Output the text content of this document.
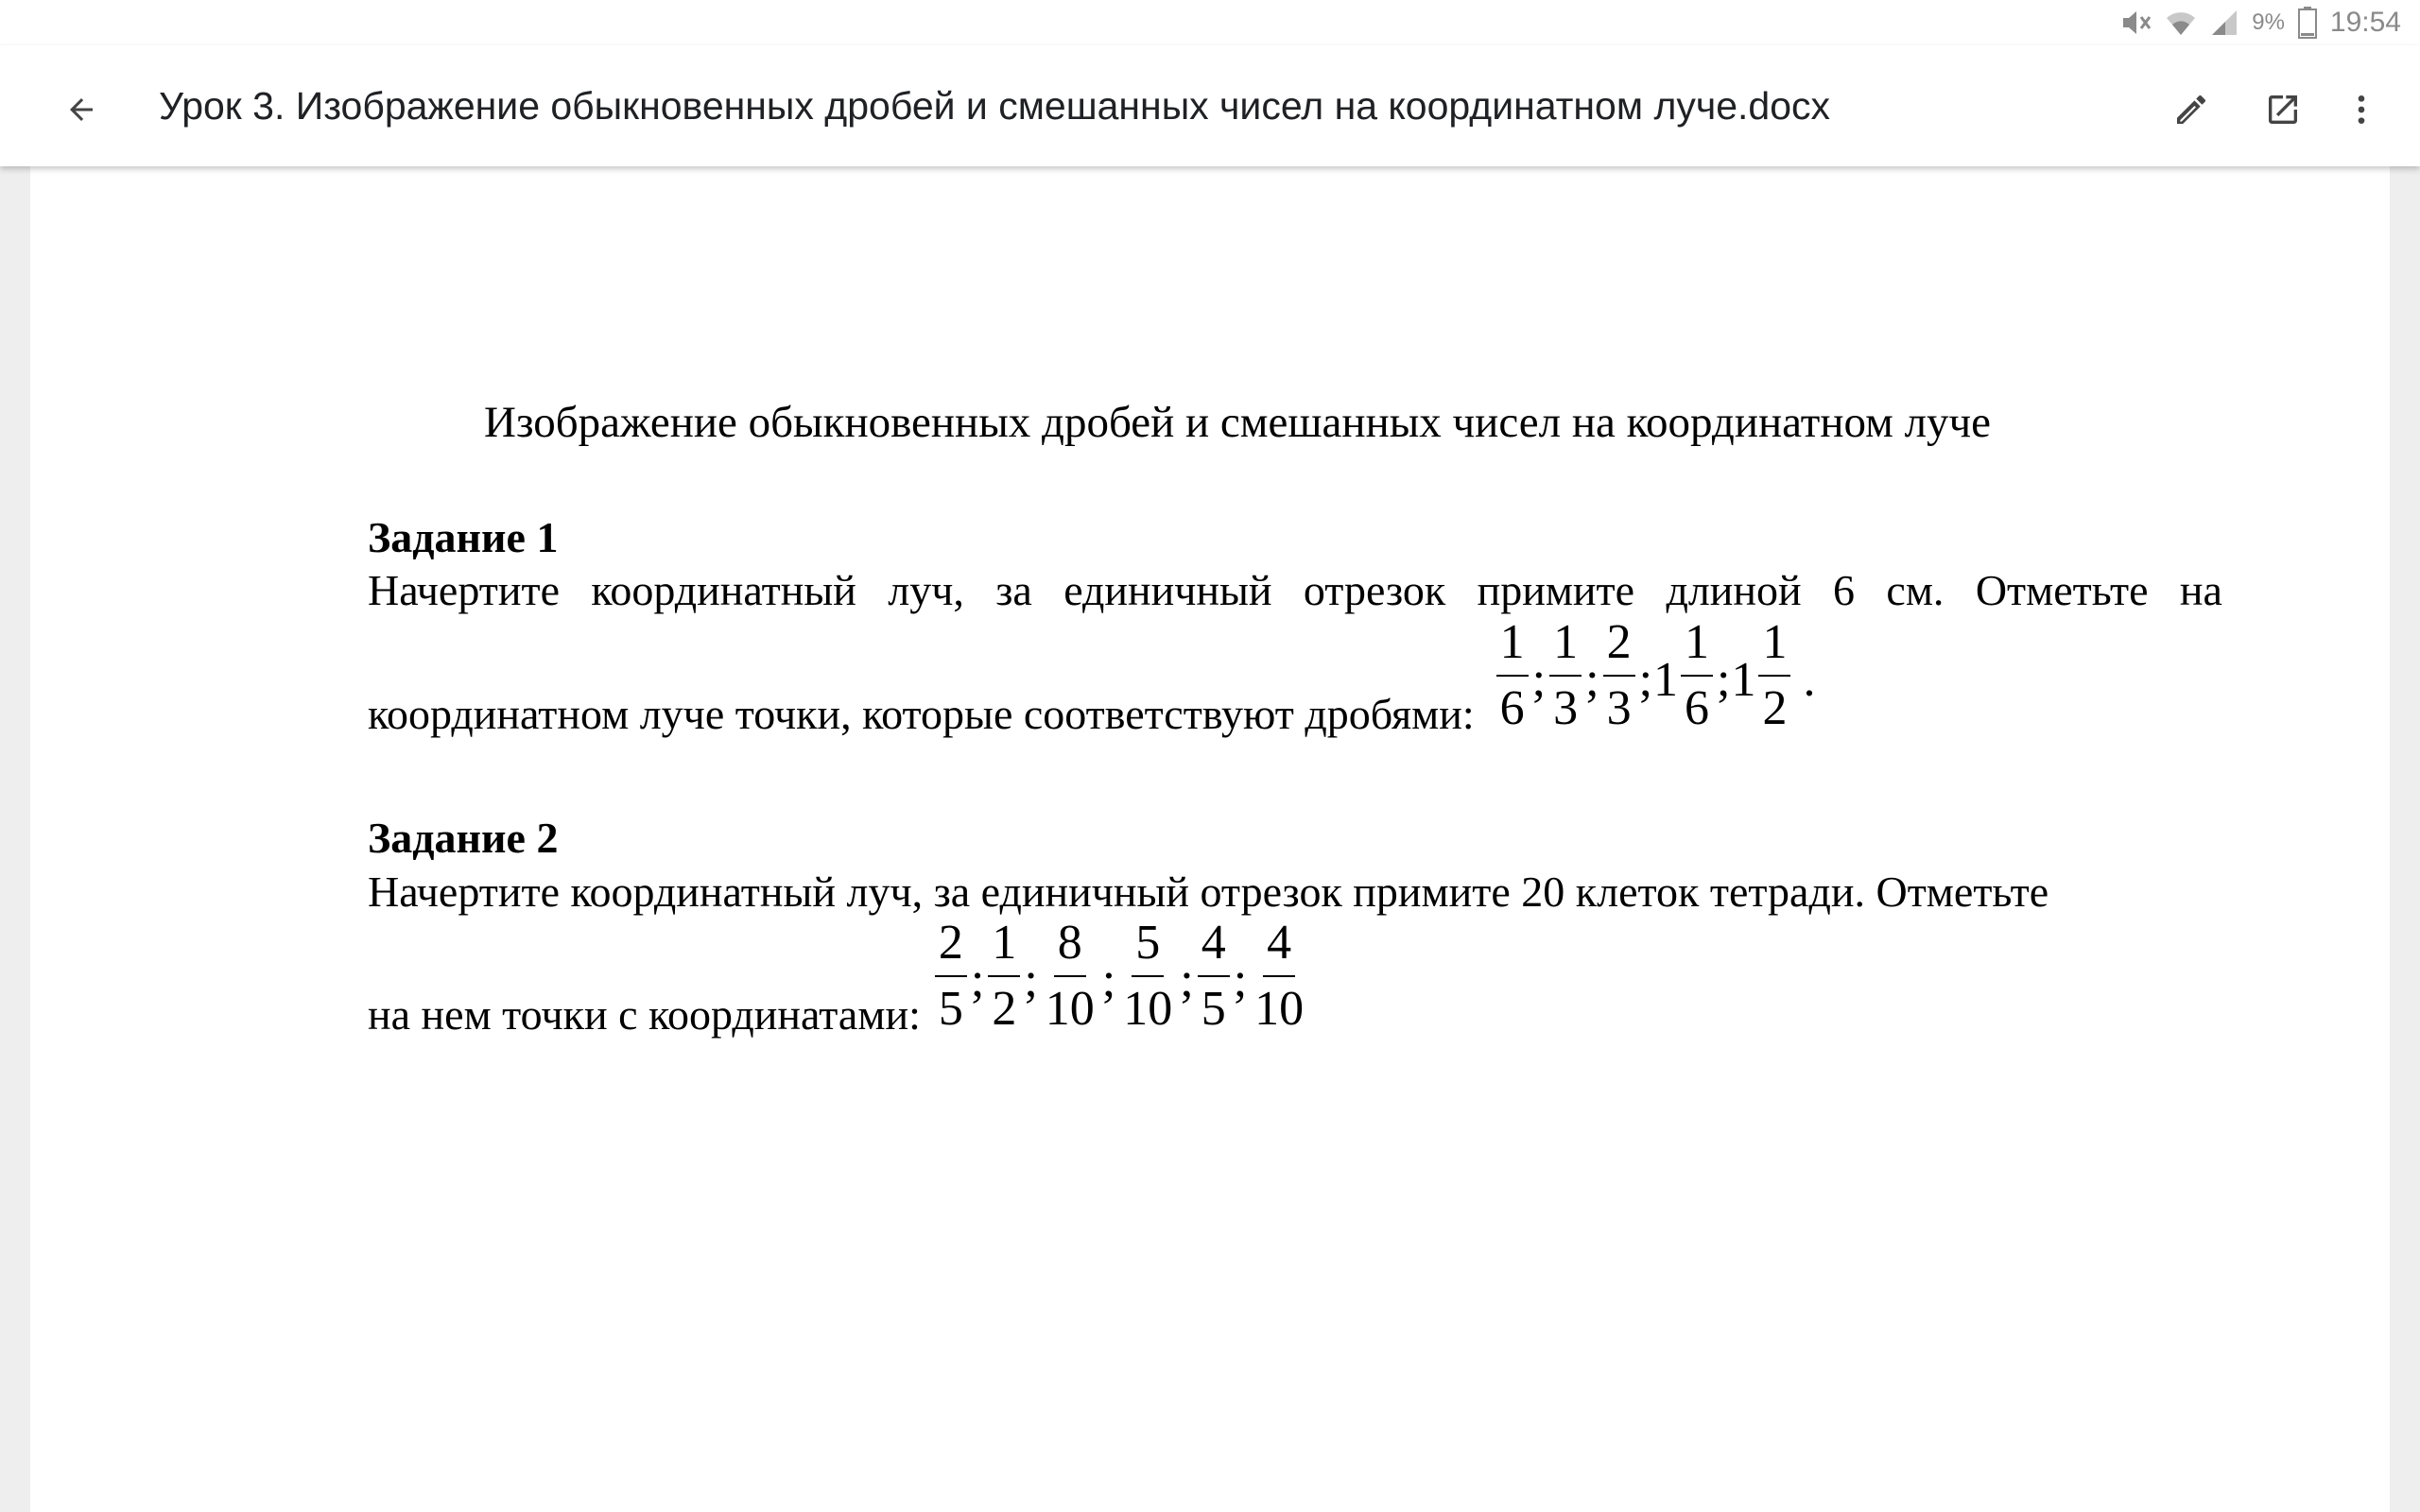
9% 19:54
Урок 3. Изображение обыкновенных дробей и смешанных чисел на координатном луче.docx
Изображение обыкновенных дробей и смешанных чисел на координатном луче
Задание 1
Начертите координатный луч, за единичный отрезок примите длиной 6 см. Отметьте на
координатном луче точки, которые соответствуют дробями: $\frac{1}{6}$ ; $\frac{1}{3}$ ; $\frac{2}{3}$ ; $1 \frac{1}{6}$ ; $1 \frac{1}{2}$ .
Задание 2
Начертите координатный луч, за единичный отрезок примите 20 клеток тетради. Отметьте
на нем точки с координатами: $\frac{2}{5}$ ; $\frac{1}{2}$ ; $\frac{8}{10}$ ; $\frac{5}{10}$ ; $\frac{4}{5}$ ; $\frac{4}{10}$
